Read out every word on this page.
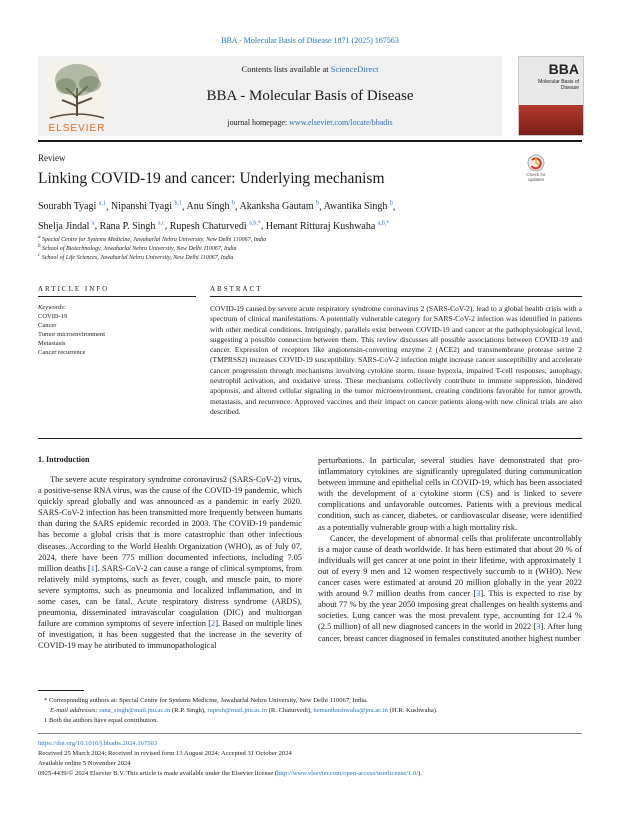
BBA - Molecular Basis of Disease 1871 (2025) 167563
ELSEVIER
Contents lists available at ScienceDirect
BBA - Molecular Basis of Disease
journal homepage: www.elsevier.com/locate/bbadis
BBA
Molecular Basis of Disease
Review
Linking COVID-19 and cancer: Underlying mechanism	Check for updates
Sourabh Tyagi $^{a,1}$, Nipanshi Tyagi $^{b,1}$, Anu Singh $^b$, Akanksha Gautam $^b$, Awantika Singh $^b$,
Shelja Jindal $^a$, Rana P. Singh $^{a,c}$, Rupesh Chaturvedi $^{a,b,*}$, Hemant Ritturaj Kushwaha $^{a,b,*}$
$^a$ Special Centre for Systems Medicine, Jawaharlal Nehru University, New Delhi 110067, India
$^b$ School of Biotechnology, Jawaharlal Nehru University, New Delhi 110067, India
$^c$ School of Life Sciences, Jawaharlal Nehru University, New Delhi 110067, India
ARTICLE INFO	ABSTRACT
Keywords:
COVID-19
Cancer
Tumor microenvironment
Metastasis
Cancer recurrence
COVID-19 caused by severe acute respiratory syndrome coronavirus 2 (SARS-CoV-2), lead to a global health crisis with a spectrum of clinical manifestations. A potentially vulnerable category for SARS-CoV-2 infection was identified in patients with other medical conditions. Intriguingly, parallels exist between COVID-19 and cancer at the pathophysiological level, suggesting a possible connection between them. This review discusses all possible associations between COVID-19 and cancer. Expression of receptors like angiotensin-converting enzyme 2 (ACE2) and transmembrane protease serine 2 (TMPRSS2) increases COVID-19 susceptibility. SARS-CoV-2 infection might increase cancer susceptibility and accelerate cancer progression through mechanisms involving cytokine storm, tissue hypoxia, impaired T-cell responses, autophagy, neutrophil activation, and oxidative stress. These mechanisms collectively contribute to immune suppression, hindered apoptosis, and altered cellular signaling in the tumor microenvironment, creating conditions favorable for tumor growth, metastasis, and recurrence. Approved vaccines and their impact on cancer patients along-with new clinical trials are also described.
1. Introduction

The severe acute respiratory syndrome coronavirus2 (SARS-CoV-2) virus, a positive-sense RNA virus, was the cause of the COVID-19 pandemic, which quickly spread globally and was announced as a pandemic in early 2020. SARS-CoV-2 infection has been transmitted more frequently between humans than during the SARS epidemic recorded in 2003. The COVID-19 pandemic has become a global crisis that is more catastrophic than other infectious diseases. According to the World Health Organization (WHO), as of July 07, 2024, there have been 775 million documented infections, including 7.05 million deaths [1]. SARS-CoV-2 can cause a range of clinical symptoms, from relatively mild symptoms, such as fever, cough, and muscle pain, to more severe symptoms, such as pneumonia and localized inflammation, and in some cases, can be fatal. Acute respiratory distress syndrome (ARDS), pneumonia, disseminated intravascular coagulation (DIC) and multiorgan failure are common symptoms of severe infection [2]. Based on multiple lines of investigation, it has been suggested that the increase in the severity of COVID-19 may be attributed to immunopathological

perturbations. In particular, several studies have demonstrated that pro-inflammatory cytokines are significantly upregulated during communication between immune and epithelial cells in COVID-19, which has been associated with the development of a cytokine storm (CS) and is linked to severe complications and unfavorable outcomes. Patients with a previous medical condition, such as cancer, diabetes, or cardiovascular disease, were identified as a potentially vulnerable group with a high mortality risk.

Cancer, the development of abnormal cells that proliferate uncontrollably is a major cause of death worldwide. It has been estimated that about 20 % of individuals will get cancer at one point in their lifetime, with approximately 1 out of every 9 men and 12 women respectively succumb to it (WHO). New cancer cases were estimated at around 20 million globally in the year 2022 with around 9.7 million deaths from cancer [3]. This is expected to rise by about 77 % by the year 2050 imposing great challenges on health systems and societies. Lung cancer was the most prevalent type, accounting for 12.4 % (2.5 million) of all new diagnosed cancers in the world in 2022 [3]. After lung cancer, breast cancer diagnosed in females constituted another highest number

* Corresponding authors at: Special Centre for Systems Medicine, Jawaharlal Nehru University, New Delhi 110067, India.
E-mail addresses: rana_singh@mail.jnu.ac.in (R.P. Singh), rupesh@mail.jnu.ac.in (R. Chaturvedi), hemantkushwaha@jnu.ac.in (H.R. Kushwaha).
1 Both the authors have equal contribution.
https://doi.org/10.1016/j.bbadis.2024.167563
Received 25 March 2024; Received in revised form 13 August 2024; Accepted 31 October 2024
Available online 5 November 2024
0925-4439/© 2024 Elsevier B.V. This article is made available under the Elsevier license (http://www.elsevier.com/open-access/userlicense/1.0/).
